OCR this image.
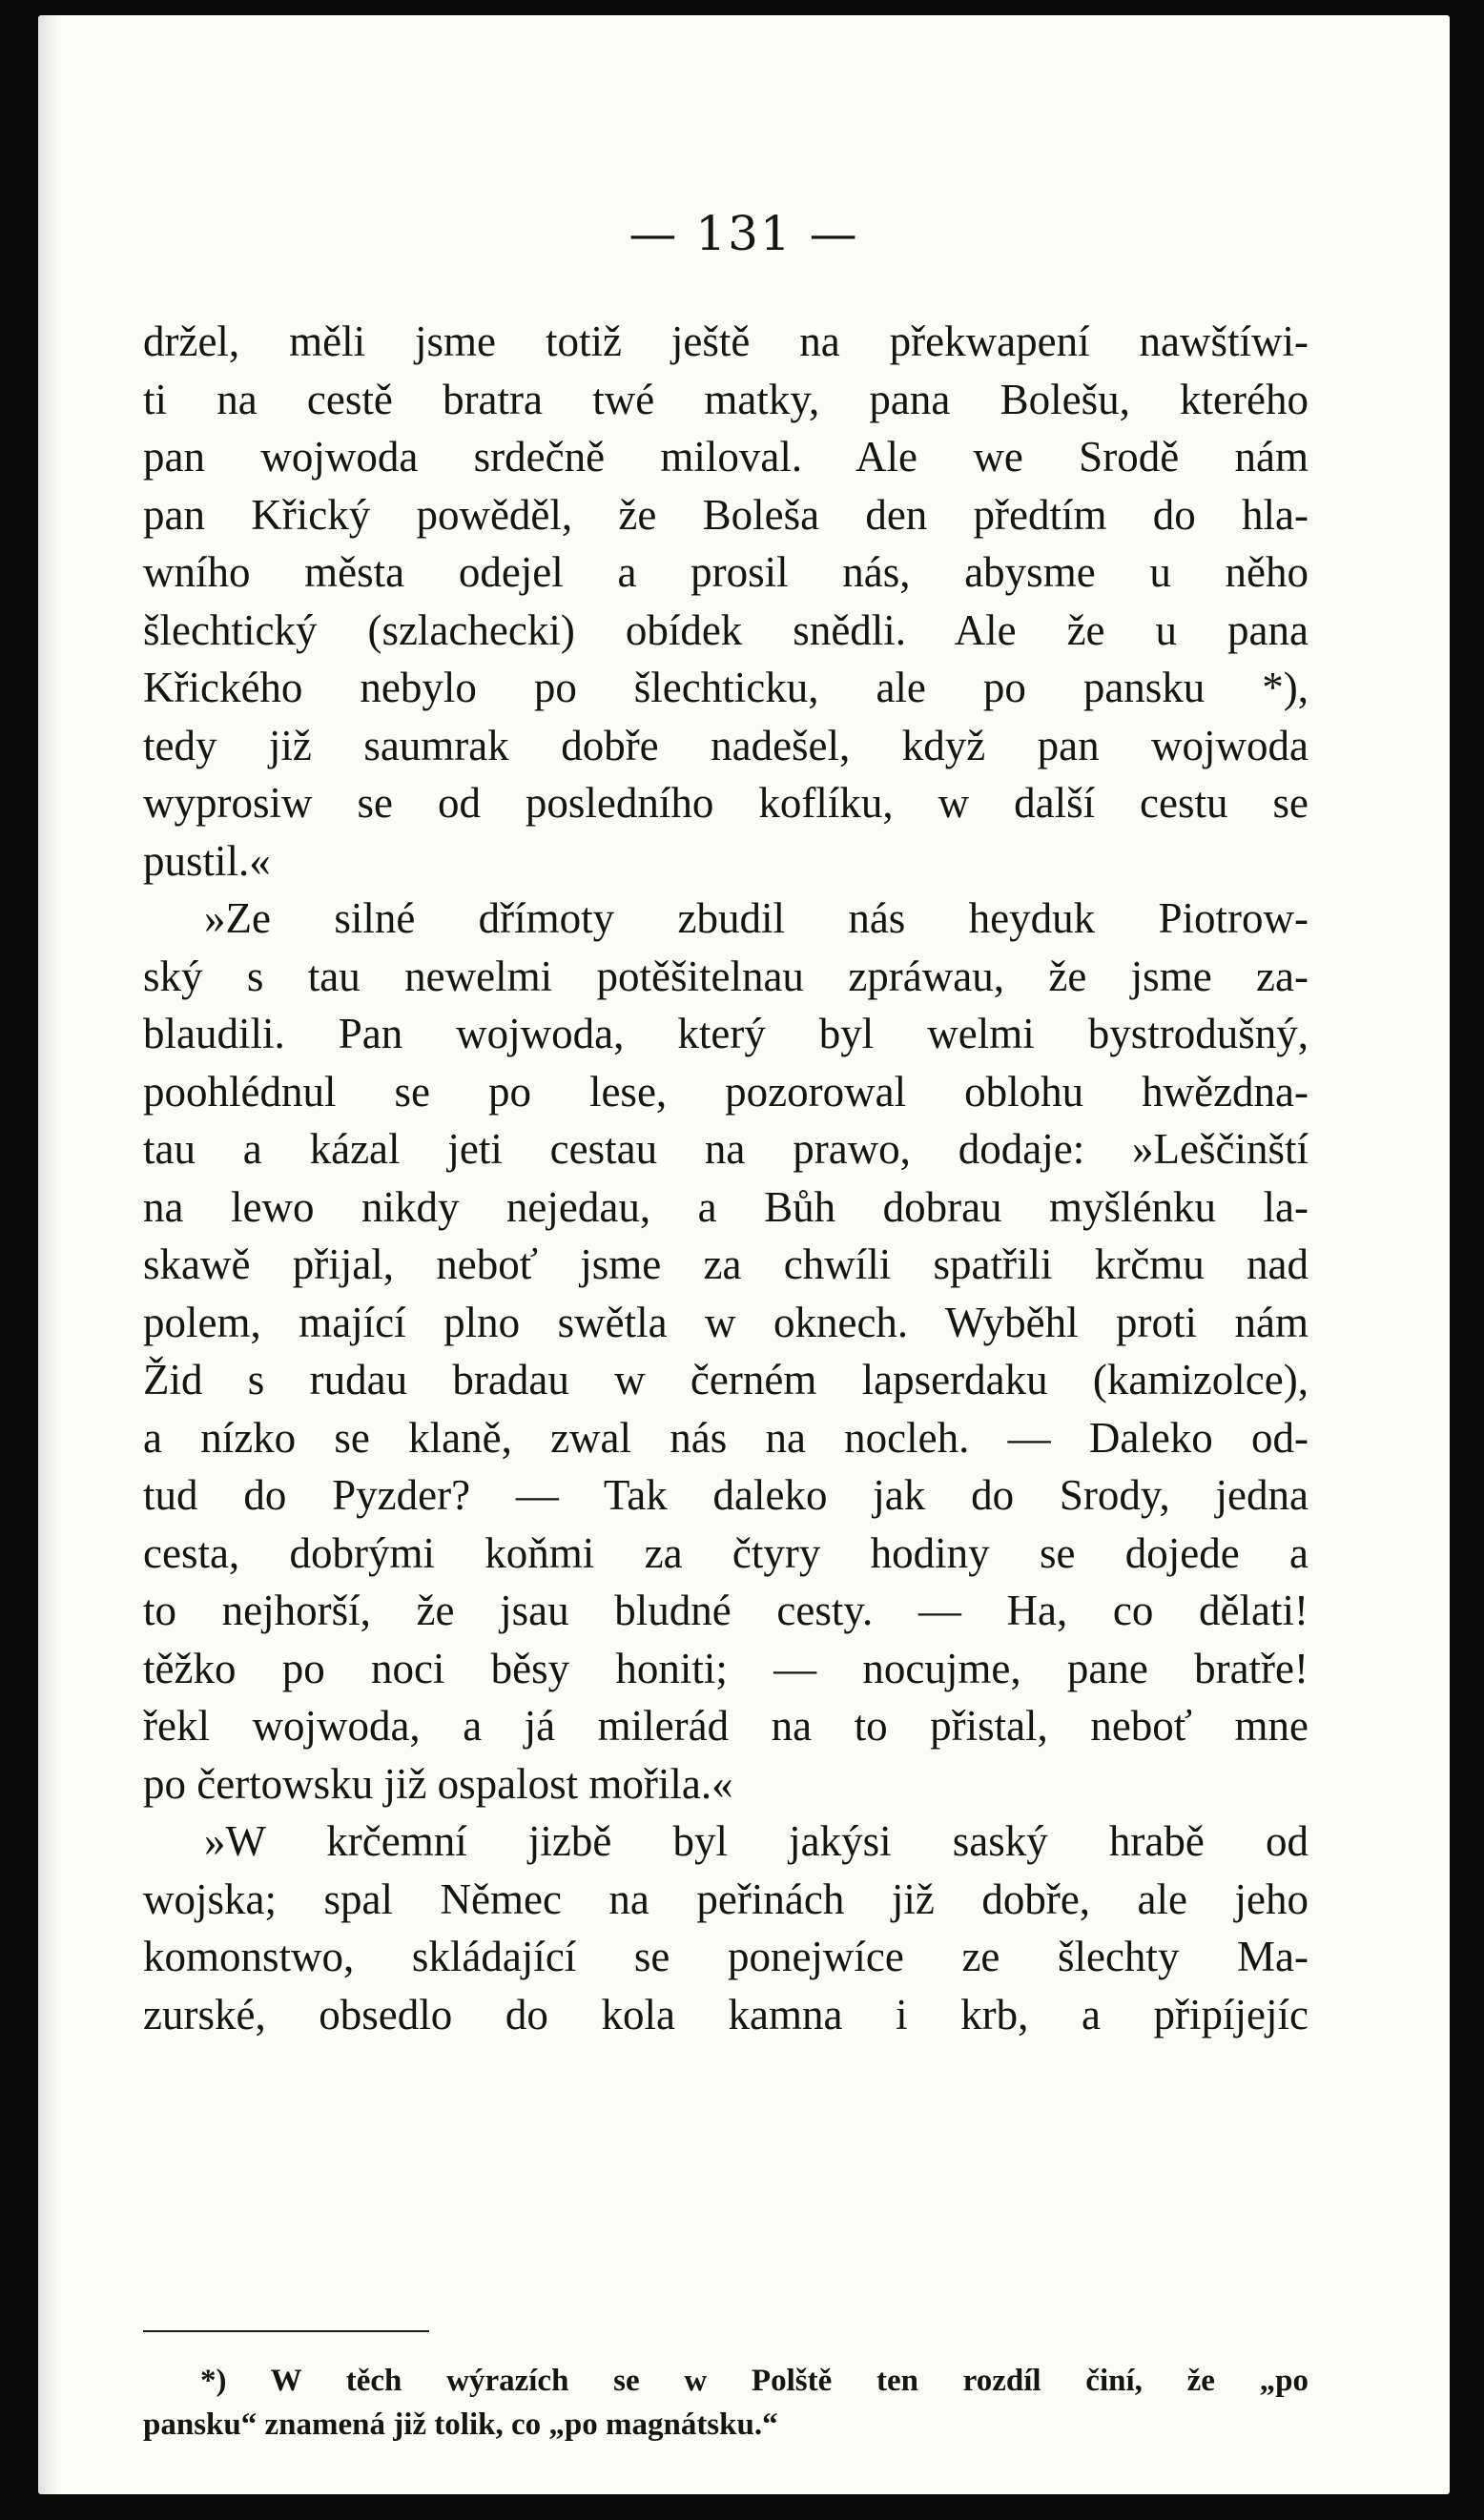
— 131 —
držel, měli jsme totiž ještě na překwapení nawštíwi-
ti na cestě bratra twé matky, pana Bolešu, kterého
pan wojwoda srdečně miloval. Ale we Srodě nám
pan Křický powěděl, že Boleša den předtím do hla-
wního města odejel a prosil nás, abysme u něho
šlechtický (szlachecki) obídek snědli. Ale že u pana
Křického nebylo po šlechticku, ale po pansku *),
tedy již saumrak dobře nadešel, když pan wojwoda
wyprosiw se od posledního koflíku, w další cestu se
pustil.«
»Ze silné dřímoty zbudil nás heyduk Piotrow-
ský s tau newelmi potěšitelnau zpráwau, že jsme za-
blaudili. Pan wojwoda, který byl welmi bystrodušný,
poohlédnul se po lese, pozorowal oblohu hwězdna-
tau a kázal jeti cestau na prawo, dodaje: »Leščinští
na lewo nikdy nejedau, a Bůh dobrau myšlénku la-
skawě přijal, neboť jsme za chwíli spatřili krčmu nad
polem, mající plno swětla w oknech. Wyběhl proti nám
Žid s rudau bradau w černém lapserdaku (kamizolce),
a nízko se klaně, zwal nás na nocleh. — Daleko od-
tud do Pyzder? — Tak daleko jak do Srody, jedna
cesta, dobrými koňmi za čtyry hodiny se dojede a
to nejhorší, že jsau bludné cesty. — Ha, co dělati!
těžko po noci běsy honiti; — nocujme, pane bratře!
řekl wojwoda, a já milerád na to přistal, neboť mne
po čertowsku již ospalost mořila.«
»W krčemní jizbě byl jakýsi saský hrabě od
wojska; spal Němec na peřinách již dobře, ale jeho
komonstwo, skládající se ponejwíce ze šlechty Ma-
zurské, obsedlo do kola kamna i krb, a připíjejíc
*) W těch wýrazích se w Polště ten rozdíl činí, že „po
pansku“ znamená již tolik, co „po magnátsku.“
